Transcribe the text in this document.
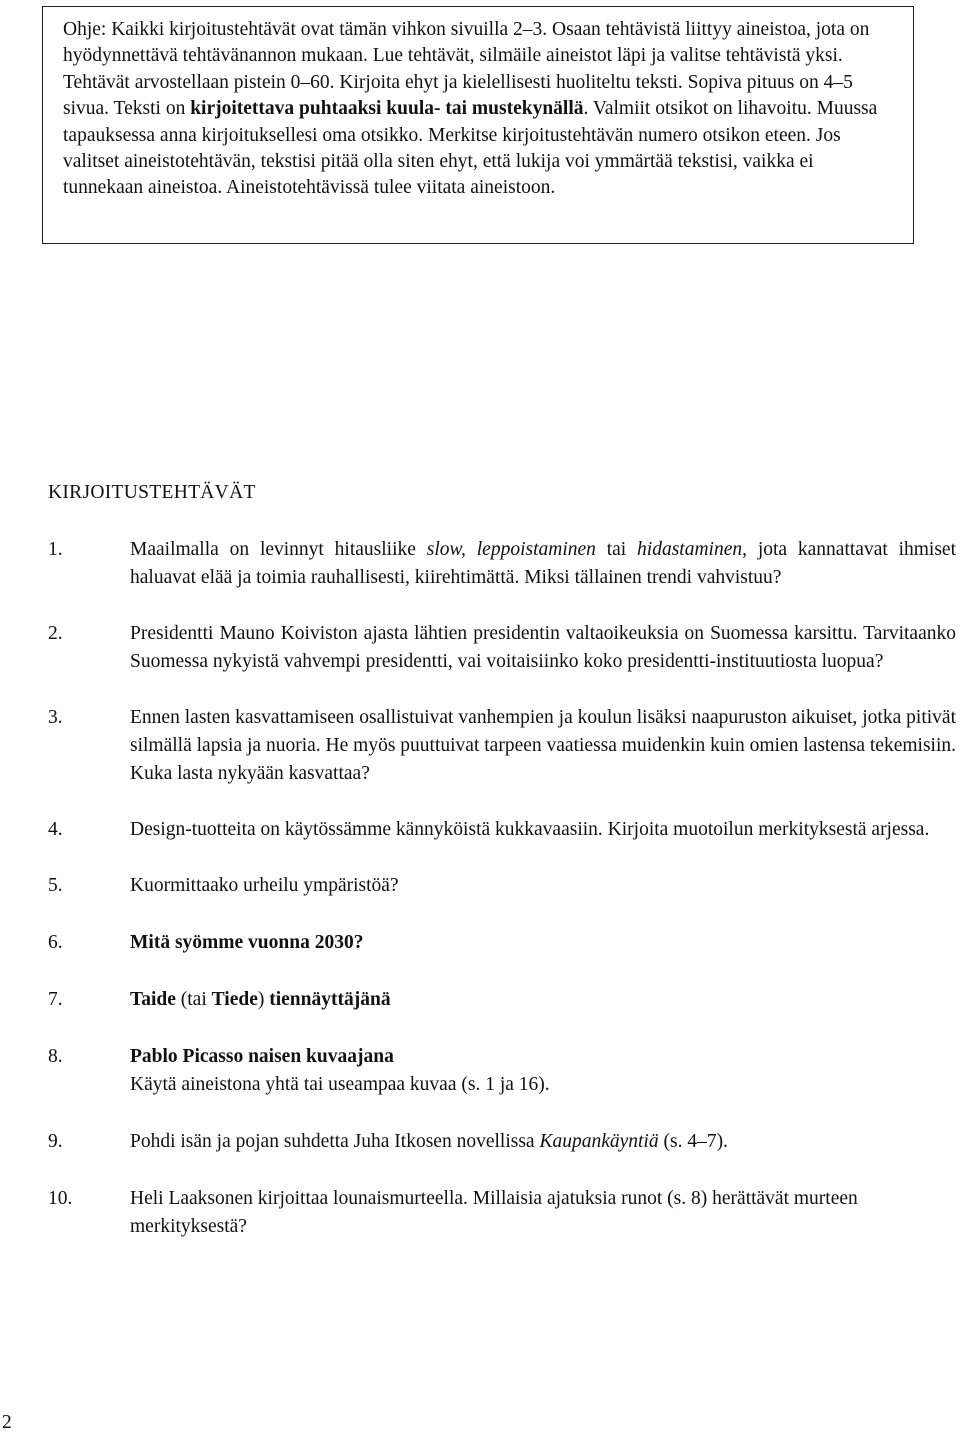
Ohje: Kaikki kirjoitustehtävät ovat tämän vihkon sivuilla 2–3. Osaan tehtävistä liittyy aineistoa, jota on hyödynnettävä tehtävänannon mukaan. Lue tehtävät, silmäile aineistot läpi ja valitse tehtävistä yksi. Tehtävät arvostellaan pistein 0–60. Kirjoita ehyt ja kielellisesti huoliteltu teksti. Sopiva pituus on 4–5 sivua. Teksti on kirjoitettava puhtaaksi kuula- tai mustekynällä. Valmiit otsikot on lihavoitu. Muussa tapauksessa anna kirjoituksellesi oma otsikko. Merkitse kirjoitustehtävän numero otsikon eteen. Jos valitset aineistotehtävän, tekstisi pitää olla siten ehyt, että lukija voi ymmärtää tekstisi, vaikka ei tunnekaan aineistoa. Aineistotehtävissä tulee viitata aineistoon.

KIRJOITUSTEHTÄVÄT
1.	Maailmalla on levinnyt hitausliike slow, leppoistaminen tai hidastaminen, jota kannattavat ihmiset haluavat elää ja toimia rauhallisesti, kiirehtimättä. Miksi tällainen trendi vahvistuu?
2.	Presidentti Mauno Koiviston ajasta lähtien presidentin valtaoikeuksia on Suomessa karsittu. Tarvitaanko Suomessa nykyistä vahvempi presidentti, vai voitaisiinko koko presidentti-instituutiosta luopua?
3.	Ennen lasten kasvattamiseen osallistuivat vanhempien ja koulun lisäksi naapuruston aikuiset, jotka pitivät silmällä lapsia ja nuoria. He myös puuttuivat tarpeen vaatiessa muidenkin kuin omien lastensa tekemisiin. Kuka lasta nykyään kasvattaa?
4.	Design-tuotteita on käytössämme kännyköistä kukkavaasiin. Kirjoita muotoilun merkityksestä arjessa.
5.	Kuormittaako urheilu ympäristöä?
6.	Mitä syömme vuonna 2030?
7.	Taide (tai Tiede) tiennäyttäjänä
8.	Pablo Picasso naisen kuvaajana
Käytä aineistona yhtä tai useampaa kuvaa (s. 1 ja 16).
9.	Pohdi isän ja pojan suhdetta Juha Itkosen novellissa Kaupankäyntiä (s. 4–7).
10.	Heli Laaksonen kirjoittaa lounaismurteella. Millaisia ajatuksia runot (s. 8) herättävät murteen merkityksestä?
2
